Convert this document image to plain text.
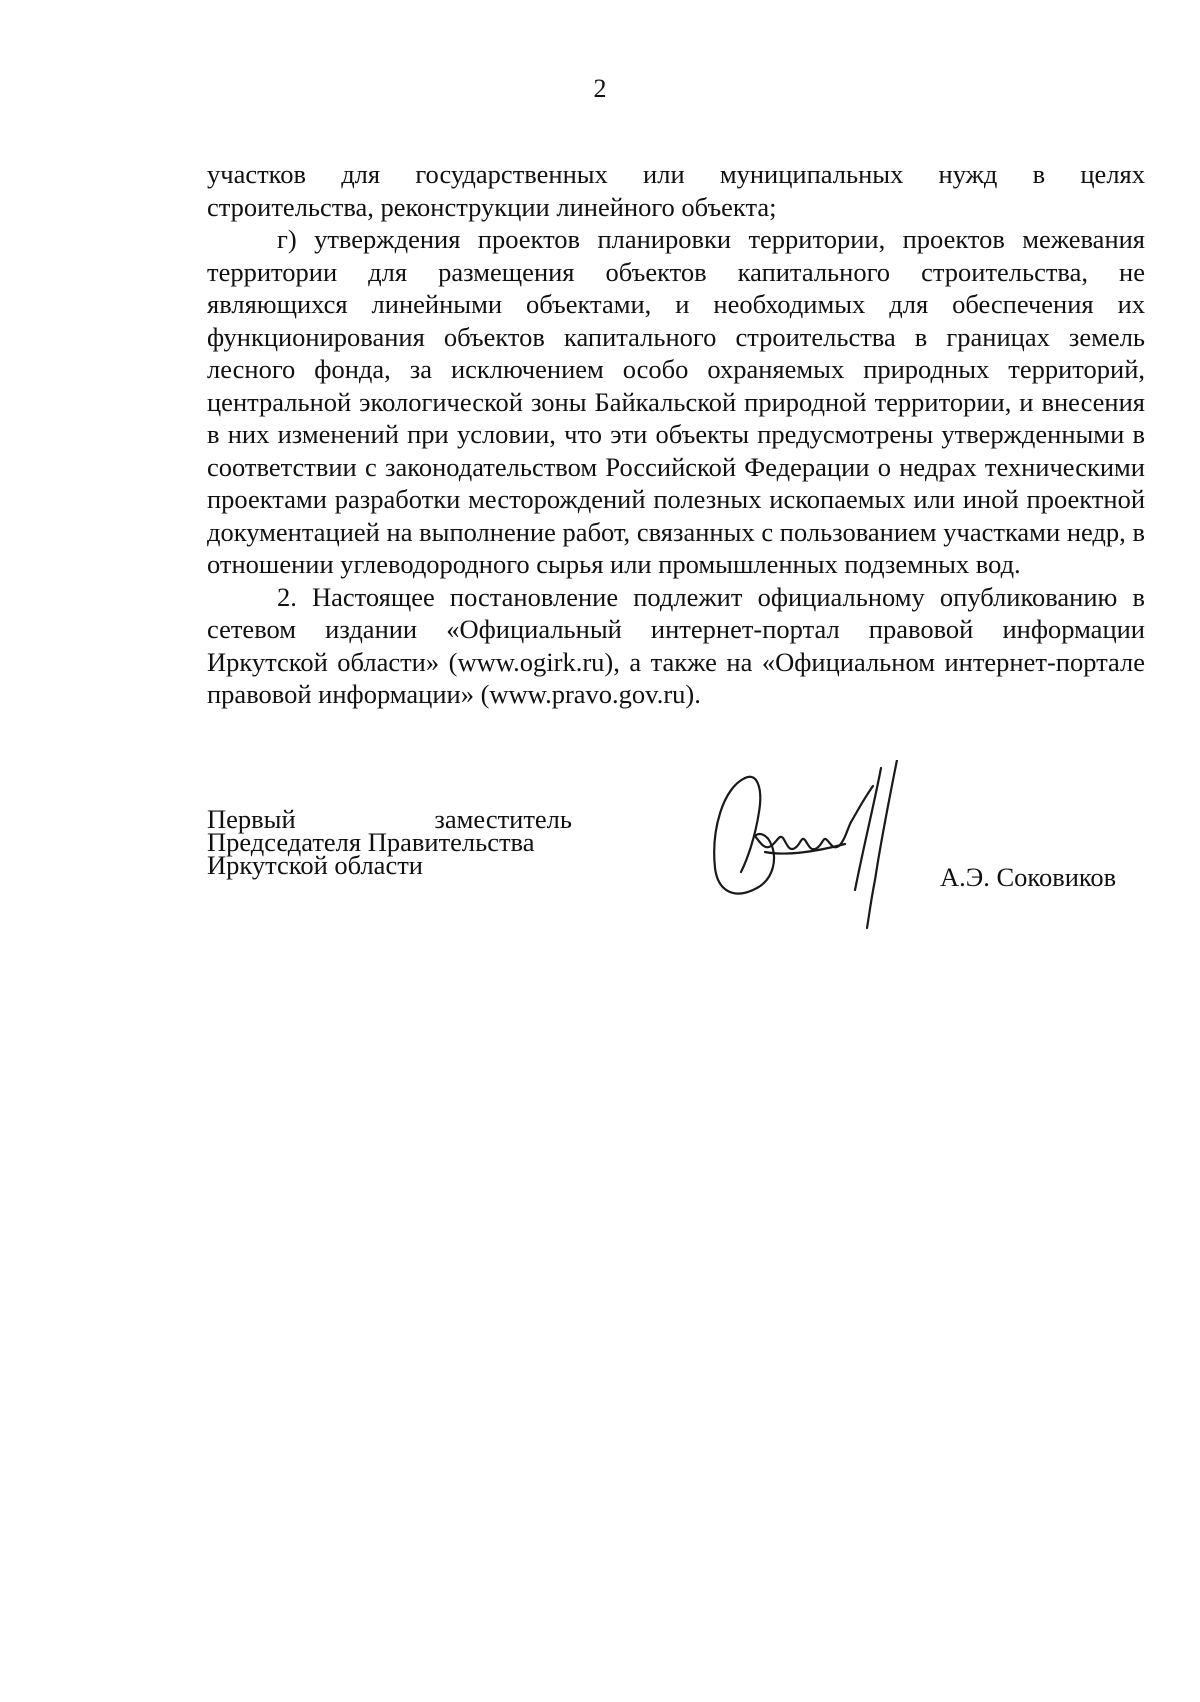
2

участков для государственных или муниципальных нужд в целях
строительства, реконструкции линейного объекта;

г) утверждения проектов планировки территории, проектов межевания территории для размещения объектов капитального строительства, не являющихся линейными объектами, и необходимых для обеспечения их функционирования объектов капитального строительства в границах земель лесного фонда, за исключением особо охраняемых природных территорий, центральной экологической зоны Байкальской природной территории, и внесения в них изменений при условии, что эти объекты предусмотрены утвержденными в соответствии с законодательством Российской Федерации о недрах техническими проектами разработки месторождений полезных ископаемых или иной проектной документацией на выполнение работ, связанных с пользованием участками недр, в отношении углеводородного сырья или промышленных подземных вод.

2. Настоящее постановление подлежит официальному опубликованию в сетевом издании «Официальный интернет-портал правовой информации Иркутской области» (www.ogirk.ru), а также на «Официальном интернет-портале правовой информации» (www.pravo.gov.ru).

Первый заместитель
Председателя Правительства
Иркутской области	А.Э. Соковиков
